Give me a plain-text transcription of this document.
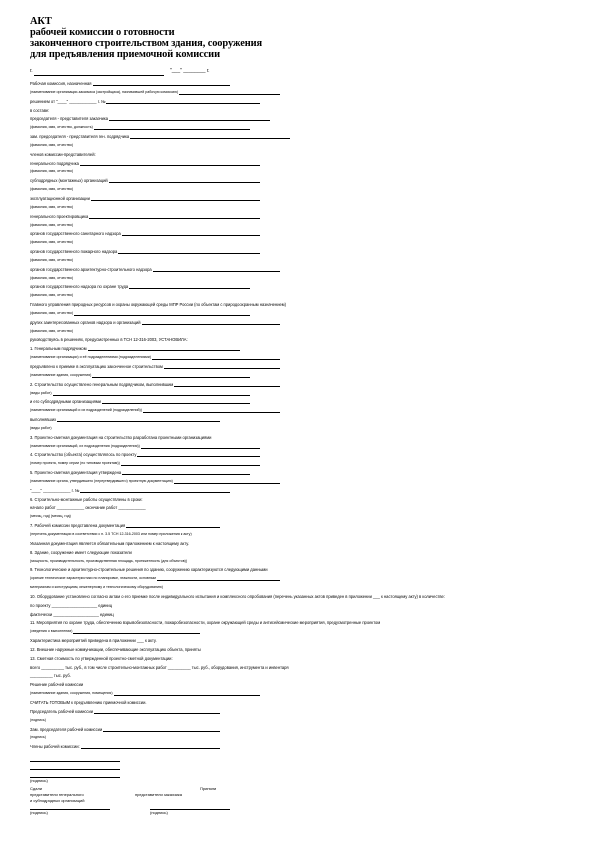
АКТ
рабочей комиссии о готовности
законченного строительством здания, сооружения
для предъявления приемочной комиссии
г.	"___" ________ г.
Рабочая комиссия, назначенная
(наименование организации-заказчика (застройщика), назначившей рабочую комиссию)
решением от "____" ____________ г. №
в составе:
председателя - представителя заказчика
(фамилия, имя, отчество, должность)
зам. председателя - представителя ген. подрядчика
(фамилия, имя, отчество)
членов комиссии-представителей:
генерального подрядчика
(фамилия, имя, отчество)
субподрядных (монтажных) организаций
(фамилия, имя, отчество)
эксплуатационной организации
(фамилия, имя, отчество)
генерального проектировщика
(фамилия, имя, отчество)
органов государственного санитарного надзора
(фамилия, имя, отчество)
органов государственного пожарного надзора
(фамилия, имя, отчество)
органов государственного архитектурно-строительного надзора
(фамилия, имя, отчество)
органов государственного надзора по охране труда
(фамилия, имя, отчество)
Главного управления природных ресурсов и охраны окружающей среды МПР России (по объектам с природоохранным назначением)
(фамилия, имя, отчество)
других заинтересованных органов надзора и организаций
(фамилия, имя, отчество)
руководствуясь в решениях, предусмотренных в ТСН 12-316-2003, УСТАНОВИЛА:
1. Генеральным подрядчиком
(наименование организации) и её подразделениями (подразделениями)
предъявлено к приемке в эксплуатацию законченное строительством
(наименование здания, сооружения)
2. Строительство осуществлено генеральным подрядчиком, выполнившим
(виды работ)
и его субподрядными организациями
(наименование организаций и их подразделений (подразделений))
выполнявших
(виды работ)
3. Проектно-сметная документация на строительство разработана проектными организациями
(наименование организаций, их подразделения (подразделения))
4. Строительство (объекта) осуществлялось по проекту
(номер проекта, номер серии (по типовым проектам))
5. Проектно-сметная документация утверждена
(наименование органа, утвердившего (переутвердившего) проектную документацию)
"____" ____________ г. №
6. Строительно-монтажные работы осуществлены в сроки:
начало работ ____________ окончание работ ____________
(месяц, год) (месяц, год)
7. Рабочей комиссии представлена документация
(перечень документации в соответствии с п. 3.5 ТСН 12-316-2003 или номер приложения к акту)
Указанная документация является обязательным приложением к настоящему акту.
8. Здание, сооружение имеет следующие показатели
(мощность, производительность, производственная площадь, протяженность (для объектов))
9. Технологические и архитектурно-строительные решения по зданию, сооружению характеризуются следующими данными
(краткие технические характеристики по планировке, этажности, основным
материалам и конструкциям, инженерному и технологическому оборудованию)
10. Оборудование установлено согласно актам о его приемке после индивидуального испытания и комплексного опробования (перечень указанных актов приведен в приложении ___ к настоящему акту) в количестве:
по проекту ____________________ единиц
фактически ____________________ единиц
11. Мероприятия по охране труда, обеспечению взрывобезопасности, пожаробезопасности, охране окружающей среды и антисейсмические мероприятия, предусмотренные проектом
(сведения о выполнении)
Характеристика мероприятий приведена в приложении ___ к акту.
12. Внешние наружные коммуникации, обеспечивающие эксплуатацию объекта, приняты
13. Сметная стоимость по утвержденной проектно-сметной документации:
всего __________ тыс. руб., в том числе строительно-монтажных работ __________ тыс. руб., оборудования, инструмента и инвентаря
__________ тыс. руб.
Решение рабочей комиссии
(наименование здания, сооружения, помещения)
СЧИТАТЬ ГОТОВЫМ к предъявлению приемочной комиссии.
Председатель рабочей комиссии
(подпись)
Зам. председателя рабочей комиссии
(подпись)
Члены рабочей комиссии:
(подпись)
Сдали
представители генерального
и субподрядных организаций
Приняли
представители заказчика
(подпись)	(подпись)
